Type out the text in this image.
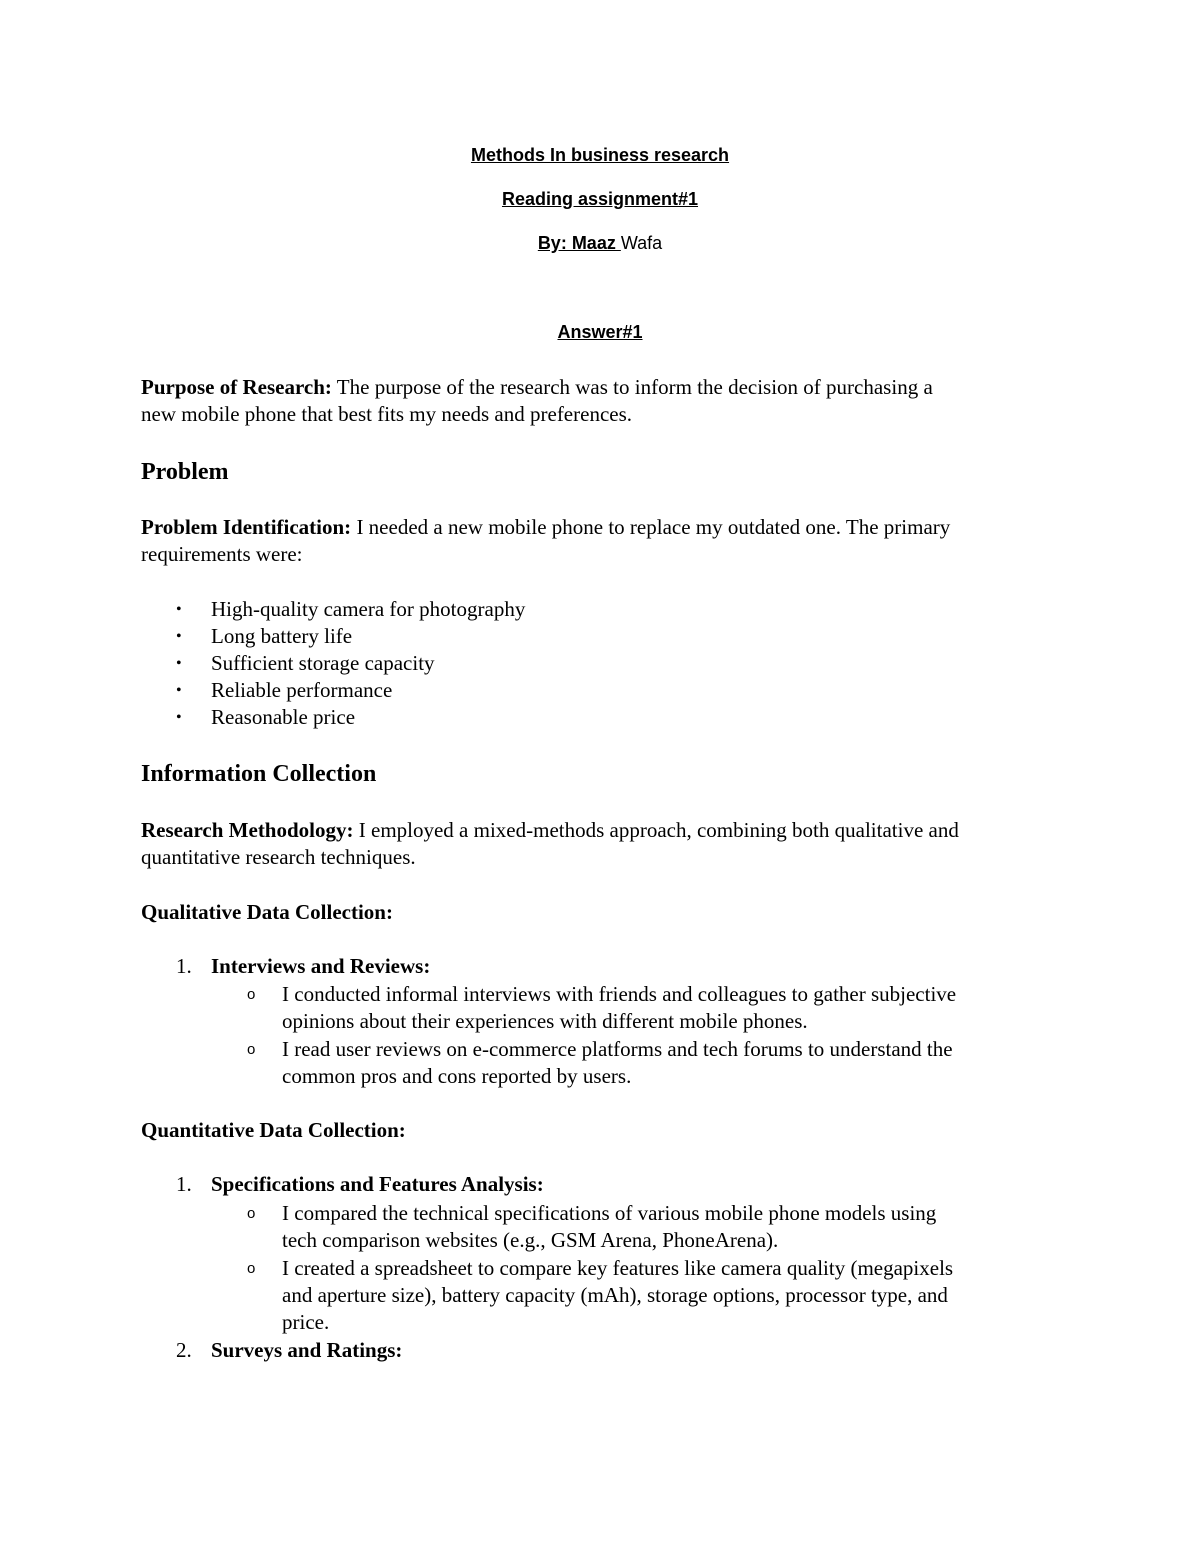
Methods In business research
Reading assignment#1
By: Maaz Wafa
Answer#1
Purpose of Research: The purpose of the research was to inform the decision of purchasing a
new mobile phone that best fits my needs and preferences.
Problem
Problem Identification: I needed a new mobile phone to replace my outdated one. The primary
requirements were:
• High-quality camera for photography
• Long battery life
• Sufficient storage capacity
• Reliable performance
• Reasonable price
Information Collection
Research Methodology: I employed a mixed-methods approach, combining both qualitative and
quantitative research techniques.
Qualitative Data Collection:
1. Interviews and Reviews:
o I conducted informal interviews with friends and colleagues to gather subjective
opinions about their experiences with different mobile phones.
o I read user reviews on e-commerce platforms and tech forums to understand the
common pros and cons reported by users.
Quantitative Data Collection:
1. Specifications and Features Analysis:
o I compared the technical specifications of various mobile phone models using
tech comparison websites (e.g., GSM Arena, PhoneArena).
o I created a spreadsheet to compare key features like camera quality (megapixels
and aperture size), battery capacity (mAh), storage options, processor type, and
price.
2. Surveys and Ratings:
